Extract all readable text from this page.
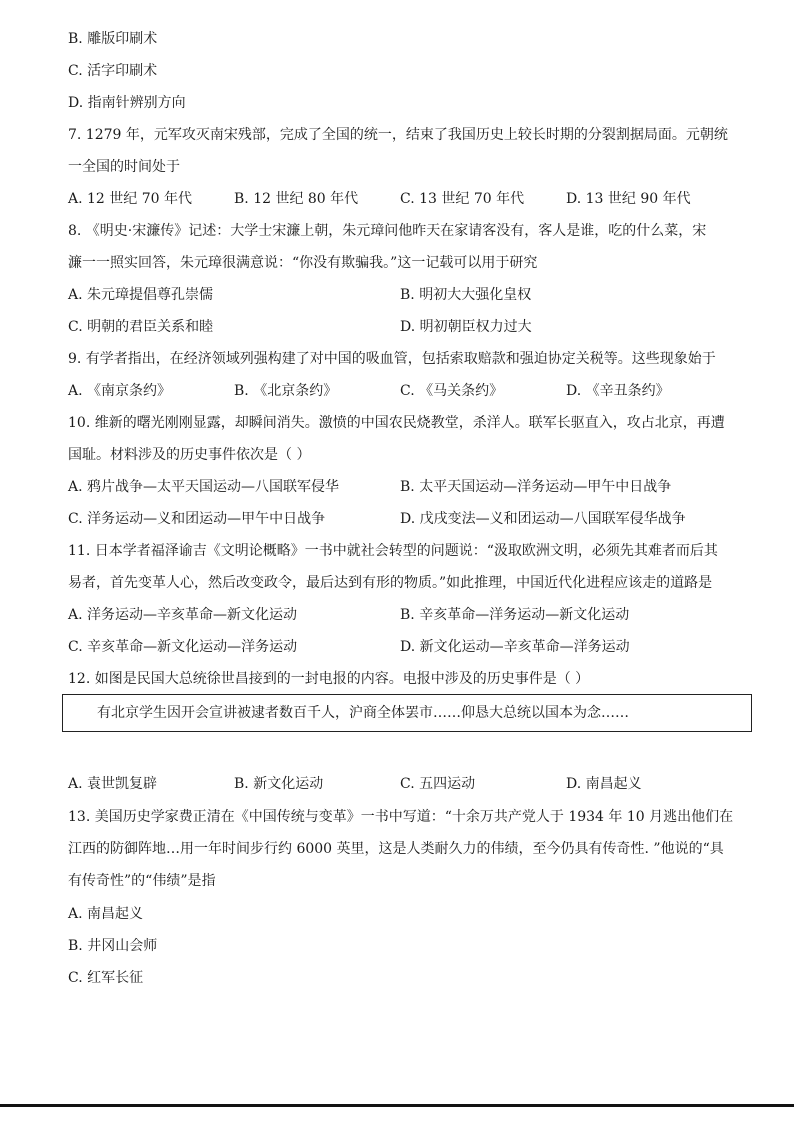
B. 雕版印刷术
C. 活字印刷术
D. 指南针辨别方向
7. 1279 年，元军攻灭南宋残部，完成了全国的统一，结束了我国历史上较长时期的分裂割据局面。元朝统
一全国的时间处于
A. 12 世纪 70 年代	B. 12 世纪 80 年代	C. 13 世纪 70 年代	D. 13 世纪 90 年代
8. 《明史·宋濂传》记述：大学士宋濂上朝，朱元璋问他昨天在家请客没有，客人是谁，吃的什么菜，宋
濂一一照实回答，朱元璋很满意说：“你没有欺骗我。”这一记载可以用于研究
A. 朱元璋提倡尊孔崇儒	B. 明初大大强化皇权
C. 明朝的君臣关系和睦	D. 明初朝臣权力过大
9. 有学者指出，在经济领域列强构建了对中国的吸血管，包括索取赔款和强迫协定关税等。这些现象始于
A. 《南京条约》	B. 《北京条约》	C. 《马关条约》	D. 《辛丑条约》
10. 维新的曙光刚刚显露，却瞬间消失。激愤的中国农民烧教堂，杀洋人。联军长驱直入，攻占北京，再遭
国耻。材料涉及的历史事件依次是（ ）
A. 鸦片战争—太平天国运动—八国联军侵华	B. 太平天国运动—洋务运动—甲午中日战争
C. 洋务运动—义和团运动—甲午中日战争	D. 戊戌变法—义和团运动—八国联军侵华战争
11. 日本学者福泽谕吉《文明论概略》一书中就社会转型的问题说：“汲取欧洲文明，必须先其难者而后其
易者，首先变革人心，然后改变政令，最后达到有形的物质。”如此推理，中国近代化进程应该走的道路是
A. 洋务运动—辛亥革命—新文化运动	B. 辛亥革命—洋务运动—新文化运动
C. 辛亥革命—新文化运动—洋务运动	D. 新文化运动—辛亥革命—洋务运动
12. 如图是民国大总统徐世昌接到的一封电报的内容。电报中涉及的历史事件是（ ）
有北京学生因开会宣讲被逮者数百千人，沪商全体罢市……仰恳大总统以国本为念……
A. 袁世凯复辟	B. 新文化运动	C. 五四运动	D. 南昌起义
13. 美国历史学家费正清在《中国传统与变革》一书中写道：“十余万共产党人于 1934 年 10 月逃出他们在
江西的防御阵地…用一年时间步行约 6000 英里，这是人类耐久力的伟绩，至今仍具有传奇性. ”他说的“具
有传奇性”的“伟绩”是指
A. 南昌起义
B. 井冈山会师
C. 红军长征
